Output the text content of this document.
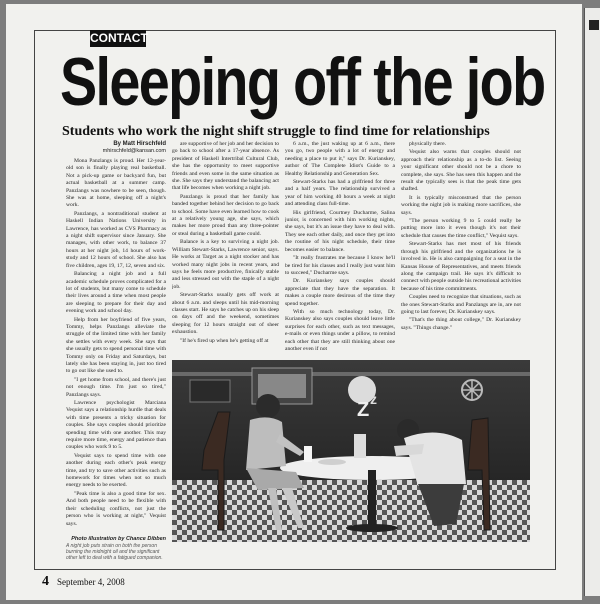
CONTACT
Sleeping off the job
Students who work the night shift struggle to find time for relationships
By Matt Hirschfeld
mhirschfeld@kansan.com

Mona Panzlangs is proud. Her 12-year-old son is finally playing real basketball. Not a pick-up game or backyard fun, but actual basketball at a summer camp. Panzlangs was nowhere to be seen, though. She was at home, sleeping off a night's work.

Panzlangs, a nontraditional student at Haskell Indian Nations University in Lawrence, has worked as CVS Pharmacy as a night shift supervisor since January. She manages, with other work, to balance 37 hours at her night job, 14 hours of work-study and 12 hours of school. She also has five children, ages 19, 17, 12, seven and six.

Balancing a night job and a full academic schedule proves complicated for a lot of students, but many come to schedule their lives around a time when most people are sleeping to prepare for their day and evening work and school day.

Help from her boyfriend of five years, Tommy, helps Panzlangs alleviate the struggle of the limited time with her family she settles with every week. She says that she usually gets to spend personal time with Tommy only on Friday and Saturdays, but lately she has been staying in, just too tired to go out like she used to.

"I get home from school, and there's just not enough time. I'm just so tired," Panzlangs says.

Lawrence psychologist Marciana Vequist says a relationship hurdle that deals with time presents a tricky situation for couples. She says couples should prioritize spending time with one another. This may require more time, energy and patience than couples who work 9 to 5.

Vequist says to spend time with one another during each other's peak energy time, and try to save other activities such as homework for times when not so much energy needs to be exerted.

"Peak time is also a good time for sex. And both people need to be flexible with their scheduling conflicts, not just the person who is working at night," Vequist says.

are supportive of her job and her decision to go back to school after a 17-year absence. As president of Haskell Intertribal Cultural Club, she has the opportunity to meet supportive friends and even some in the same situation as she. She says they understand the balancing act that life becomes when working a night job.

Panzlangs is proud that her family has banded together behind her decision to go back to school. Some have even learned how to cook at a relatively young age, she says, which makes her more proud than any three-pointer or steal during a basketball game could.

Balance is a key to surviving a night job. William Stewart-Starks, Lawrence senior, says. He works at Target as a night stocker and has worked many night jobs in recent years, and says he feels more productive, finically stable and less stressed out with the staple of a night job.

Stewart-Starks usually gets off work at about 6 a.m. and sleeps until his mid-morning classes start. He says he catches up on his sleep on days off and the weekend, sometimes sleeping for 12 hours straight out of sheer exhaustion.

"If he's fired up when he's getting off at

6 a.m., the just waking up at 6 a.m., there you go, two people with a lot of energy and needing a place to put it," says Dr. Kurianskey, author of The Complete Idiot's Guide to a Healthy Relationship and Generation Sex.

Stewart-Starks has had a girlfriend for three and a half years. The relationship survived a year of him working 40 hours a week at night and attending class full-time.

His girlfriend, Courtney Ducharme, Salina junior, is concerned with him working nights, she says, but it's an issue they have to deal with. They see each other daily, and once they get into the routine of his night schedule, their time becomes easier to balance.

"It really frustrates me because I know he'll be tired for his classes and I really just want him to succeed," Ducharme says.

Dr. Kurianskey says couples should appreciate that they have the separation. It makes a couple more desirous of the time they spend together.

With so much technology today, Dr. Kurianskey also says couples should leave little surprises for each other, such as text messages, e-mails or even things under a pillow, to remind each other that they are still thinking about one another even if not

physically there.

Vequist also warns that couples should not approach their relationship as a to-do list. Seeing your significant other should not be a chore to complete, she says. She has seen this happen and the result she typically sees is that the peak time gets shafted.

It is typically misconstrued that the person working the night job is making more sacrifices, she says.

"The person working 9 to 5 could really be putting more into it even though it's not their schedule that causes the time conflict," Vequist says.

Stewart-Starks has met most of his friends through his girlfriend and the organizations he is involved in. He is also campaigning for a seat in the Kansas House of Representatives, and meets friends along the campaign trail. He says it's difficult to connect with people outside his recreational activities because of his time commitments.

Couples need to recognize that situations, such as the ones Stewart-Starks and Panzlangs are in, are not going to last forever, Dr. Kurianskey says.

"That's the thing about college," Dr. Kurianskey says. "Things change."

Z z
Photo illustration by Chance Dibben
A night job puts strain on both the person burning the midnight oil and the significant other left to deal with a fatigued companion.
4 September 4, 2008
